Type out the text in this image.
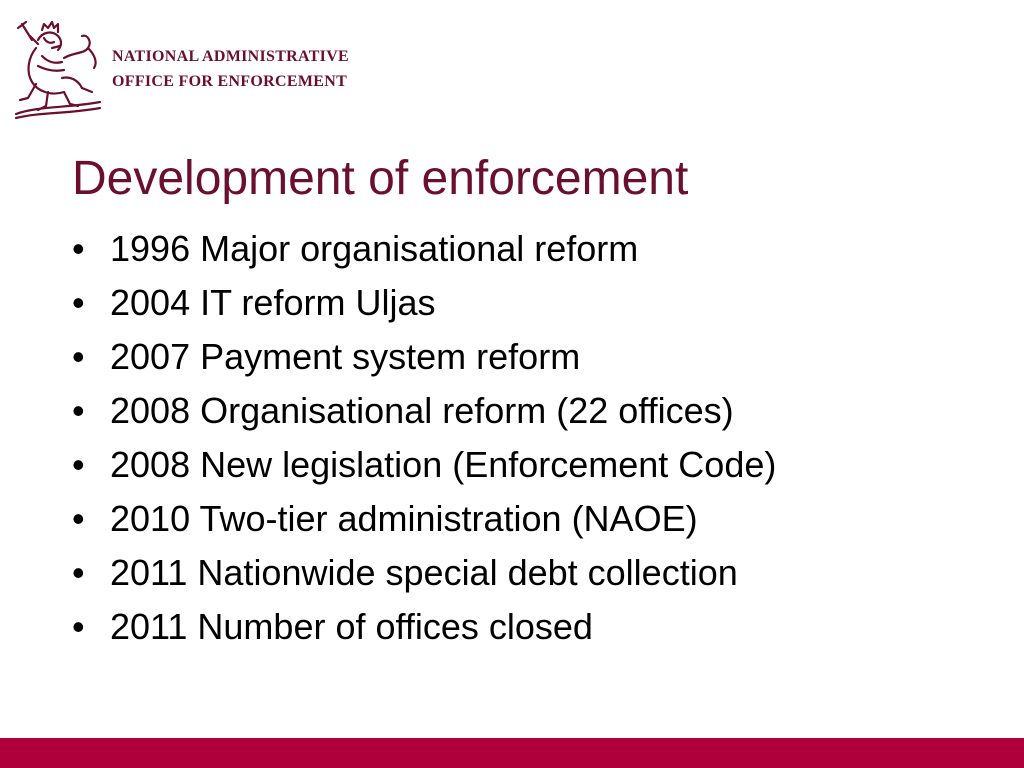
NATIONAL ADMINISTRATIVE
OFFICE FOR ENFORCEMENT
Development of enforcement
• 1996 Major organisational reform
• 2004 IT reform Uljas
• 2007 Payment system reform
• 2008 Organisational reform (22 offices)
• 2008 New legislation (Enforcement Code)
• 2010 Two-tier administration (NAOE)
• 2011 Nationwide special debt collection
• 2011 Number of offices closed
